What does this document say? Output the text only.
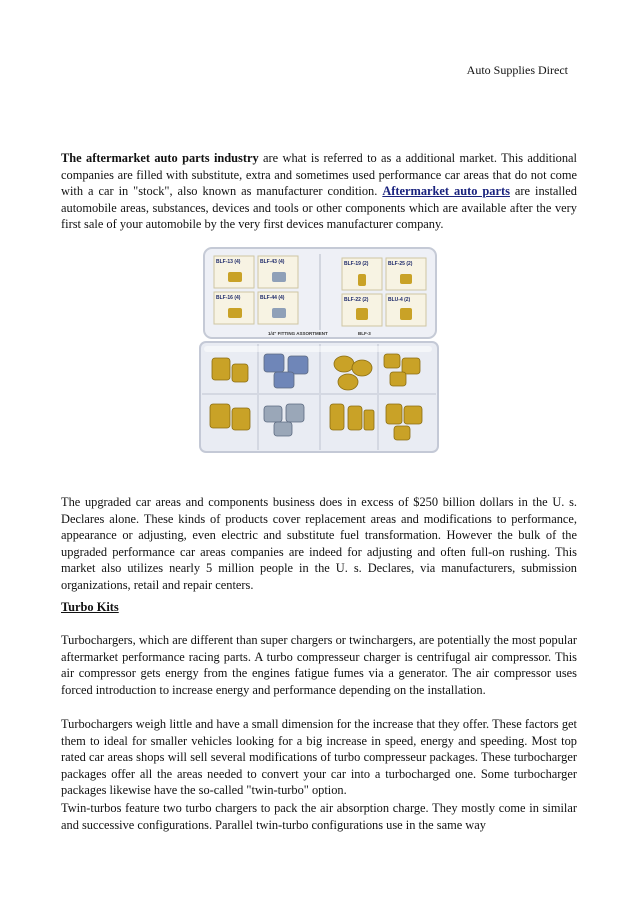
Auto Supplies Direct

The aftermarket auto parts industry are what is referred to as a additional market. This additional companies are filled with substitute, extra and sometimes used performance car areas that do not come with a car in "stock", also known as manufacturer condition. Aftermarket auto parts are installed automobile areas, substances, devices and tools or other components which are available after the very first sale of your automobile by the very first devices manufacturer company.

BLF-13 (4)	BLF-43 (4)	BLF-19 (2)	BLF-25 (2)
BLF-16 (4)	BLF-44 (4)	BLF-22 (2)	BLU-4 (2)
1/4" FITTING ASSORTMENT	BLF-3

The upgraded car areas and components business does in excess of $250 billion dollars in the U. s. Declares alone. These kinds of products cover replacement areas and modifications to performance, appearance or adjusting, even electric and substitute fuel transformation. However the bulk of the upgraded performance car areas companies are indeed for adjusting and often full-on rushing. This market also utilizes nearly 5 million people in the U. s. Declares, via manufacturers, submission organizations, retail and repair centers.

Turbo Kits

Turbochargers, which are different than super chargers or twinchargers, are potentially the most popular aftermarket performance racing parts. A turbo compresseur charger is centrifugal air compressor. This air compressor gets energy from the engines fatigue fumes via a generator. The air compressor uses forced introduction to increase energy and performance depending on the installation.

Turbochargers weigh little and have a small dimension for the increase that they offer. These factors get them to ideal for smaller vehicles looking for a big increase in speed, energy and speeding. Most top rated car areas shops will sell several modifications of turbo compresseur packages. These turbocharger packages offer all the areas needed to convert your car into a turbocharged one. Some turbocharger packages likewise have the so-called "twin-turbo" option.

Twin-turbos feature two turbo chargers to pack the air absorption charge. They mostly come in similar and successive configurations. Parallel twin-turbo configurations use in the same way
